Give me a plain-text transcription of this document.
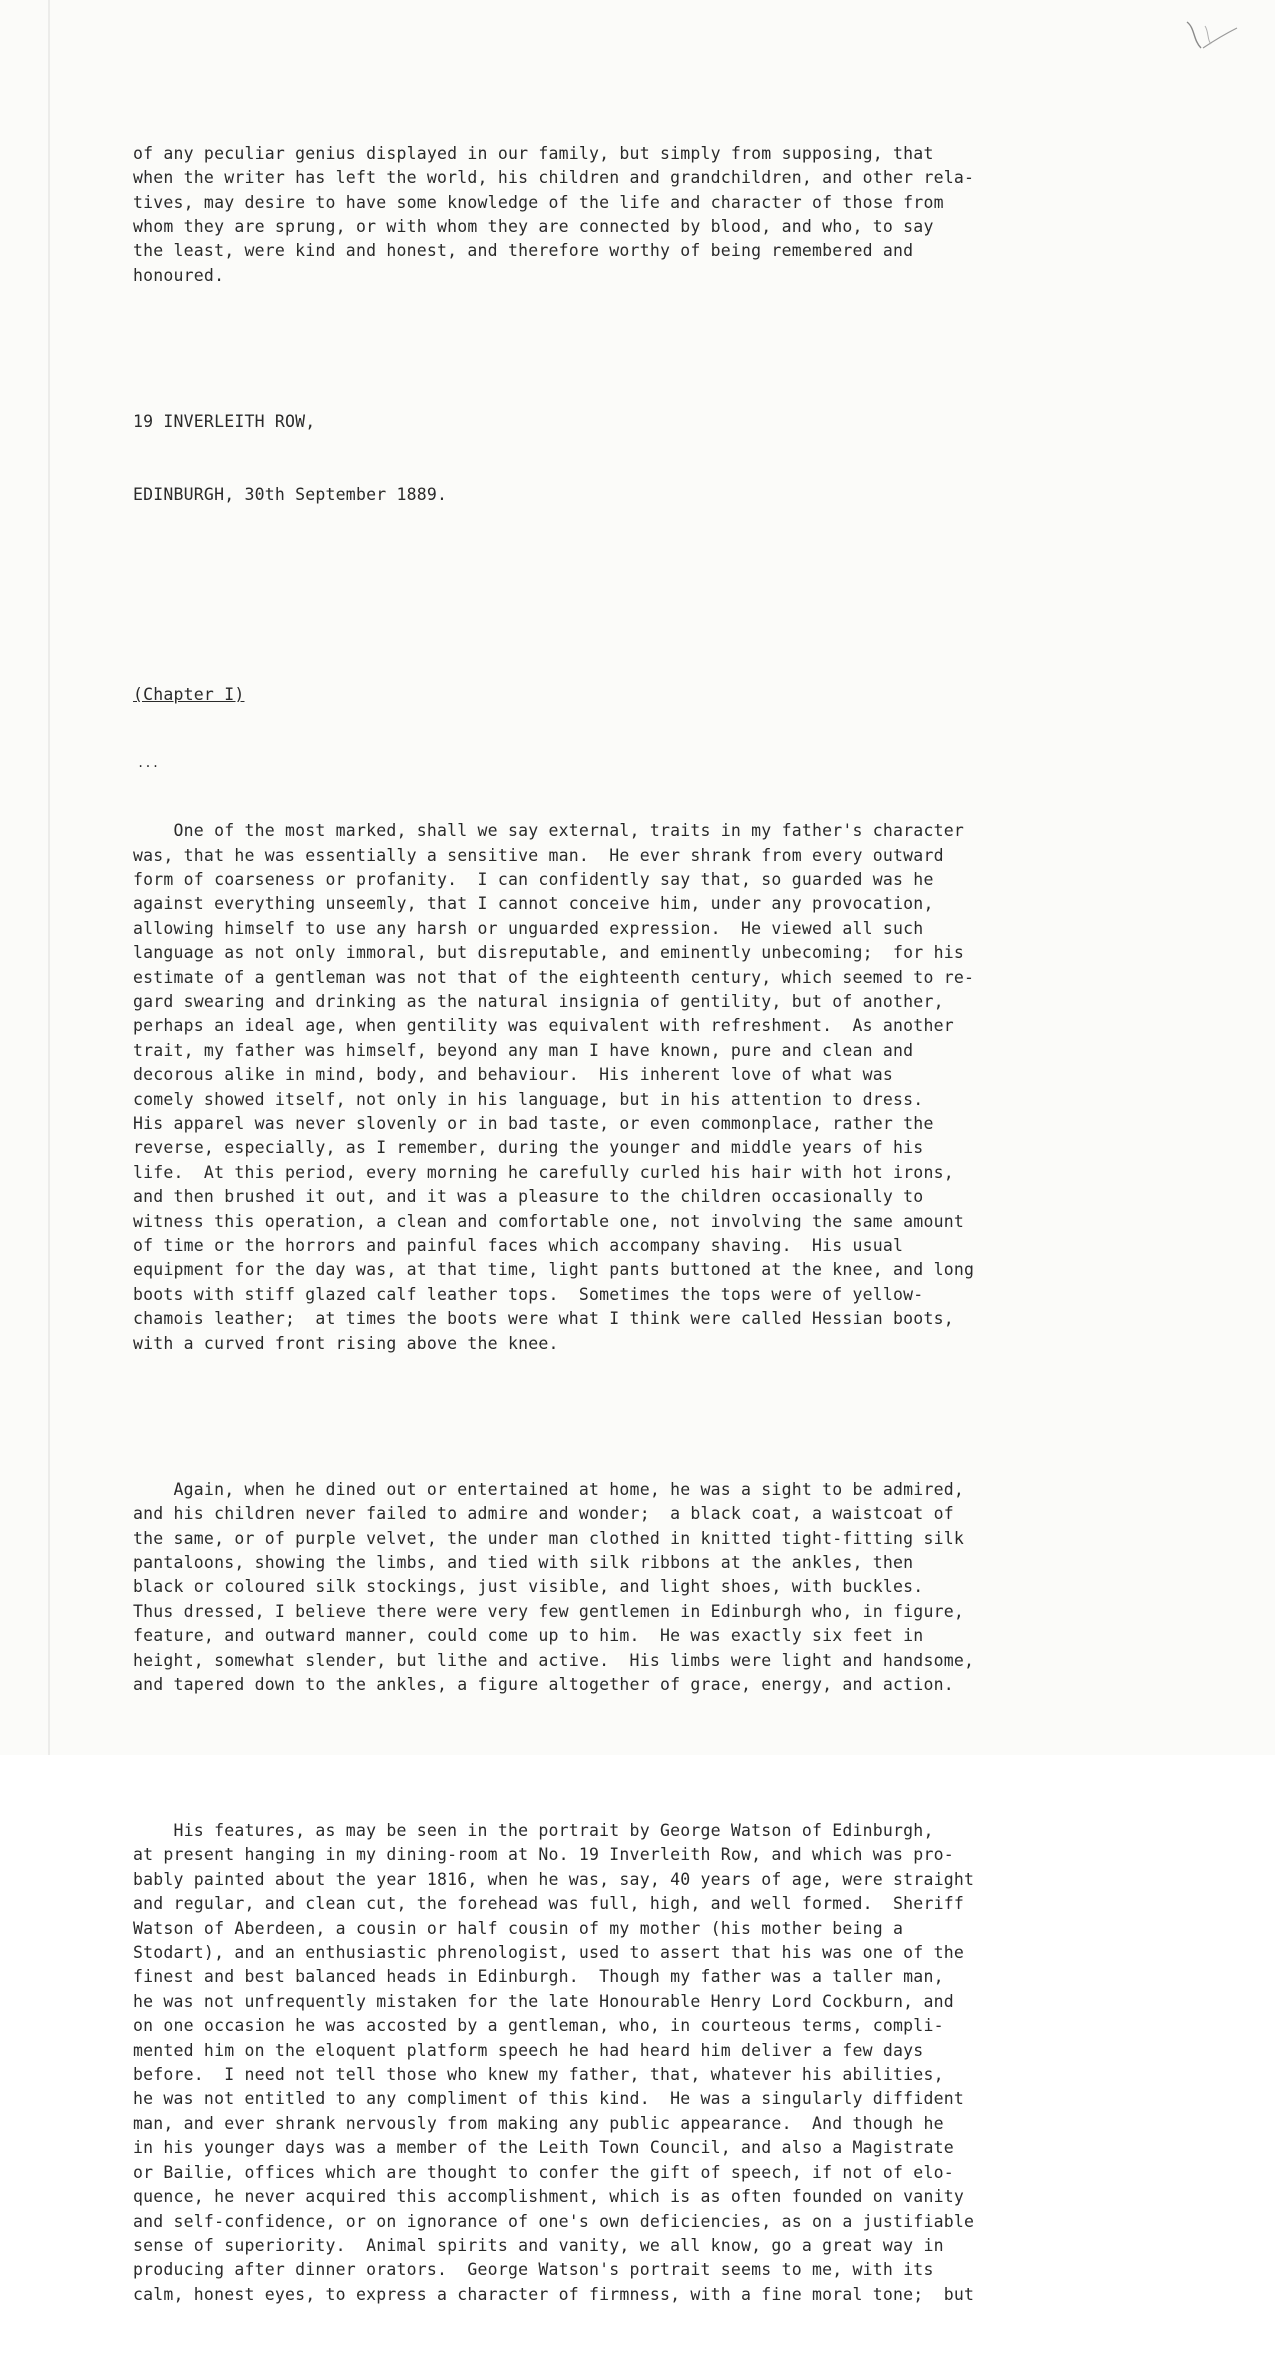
of any peculiar genius displayed in our family, but simply from supposing, that
when the writer has left the world, his children and grandchildren, and other rela-
tives, may desire to have some knowledge of the life and character of those from
whom they are sprung, or with whom they are connected by blood, and who, to say
the least, were kind and honest, and therefore worthy of being remembered and
honoured.

19 INVERLEITH ROW,

EDINBURGH, 30th September 1889.

(Chapter I)

...

One of the most marked, shall we say external, traits in my father's character
was, that he was essentially a sensitive man.  He ever shrank from every outward
form of coarseness or profanity.  I can confidently say that, so guarded was he
against everything unseemly, that I cannot conceive him, under any provocation,
allowing himself to use any harsh or unguarded expression.  He viewed all such
language as not only immoral, but disreputable, and eminently unbecoming;  for his
estimate of a gentleman was not that of the eighteenth century, which seemed to re-
gard swearing and drinking as the natural insignia of gentility, but of another,
perhaps an ideal age, when gentility was equivalent with refreshment.  As another
trait, my father was himself, beyond any man I have known, pure and clean and
decorous alike in mind, body, and behaviour.  His inherent love of what was
comely showed itself, not only in his language, but in his attention to dress.
His apparel was never slovenly or in bad taste, or even commonplace, rather the
reverse, especially, as I remember, during the younger and middle years of his
life.  At this period, every morning he carefully curled his hair with hot irons,
and then brushed it out, and it was a pleasure to the children occasionally to
witness this operation, a clean and comfortable one, not involving the same amount
of time or the horrors and painful faces which accompany shaving.  His usual
equipment for the day was, at that time, light pants buttoned at the knee, and long
boots with stiff glazed calf leather tops.  Sometimes the tops were of yellow-
chamois leather;  at times the boots were what I think were called Hessian boots,
with a curved front rising above the knee.

Again, when he dined out or entertained at home, he was a sight to be admired,
and his children never failed to admire and wonder;  a black coat, a waistcoat of
the same, or of purple velvet, the under man clothed in knitted tight-fitting silk
pantaloons, showing the limbs, and tied with silk ribbons at the ankles, then
black or coloured silk stockings, just visible, and light shoes, with buckles.
Thus dressed, I believe there were very few gentlemen in Edinburgh who, in figure,
feature, and outward manner, could come up to him.  He was exactly six feet in
height, somewhat slender, but lithe and active.  His limbs were light and handsome,
and tapered down to the ankles, a figure altogether of grace, energy, and action.

His features, as may be seen in the portrait by George Watson of Edinburgh,
at present hanging in my dining-room at No. 19 Inverleith Row, and which was pro-
bably painted about the year 1816, when he was, say, 40 years of age, were straight
and regular, and clean cut, the forehead was full, high, and well formed.  Sheriff
Watson of Aberdeen, a cousin or half cousin of my mother (his mother being a
Stodart), and an enthusiastic phrenologist, used to assert that his was one of the
finest and best balanced heads in Edinburgh.  Though my father was a taller man,
he was not unfrequently mistaken for the late Honourable Henry Lord Cockburn, and
on one occasion he was accosted by a gentleman, who, in courteous terms, compli-
mented him on the eloquent platform speech he had heard him deliver a few days
before.  I need not tell those who knew my father, that, whatever his abilities,
he was not entitled to any compliment of this kind.  He was a singularly diffident
man, and ever shrank nervously from making any public appearance.  And though he
in his younger days was a member of the Leith Town Council, and also a Magistrate
or Bailie, offices which are thought to confer the gift of speech, if not of elo-
quence, he never acquired this accomplishment, which is as often founded on vanity
and self-confidence, or on ignorance of one's own deficiencies, as on a justifiable
sense of superiority.  Animal spirits and vanity, we all know, go a great way in
producing after dinner orators.  George Watson's portrait seems to me, with its
calm, honest eyes, to express a character of firmness, with a fine moral tone;  but
